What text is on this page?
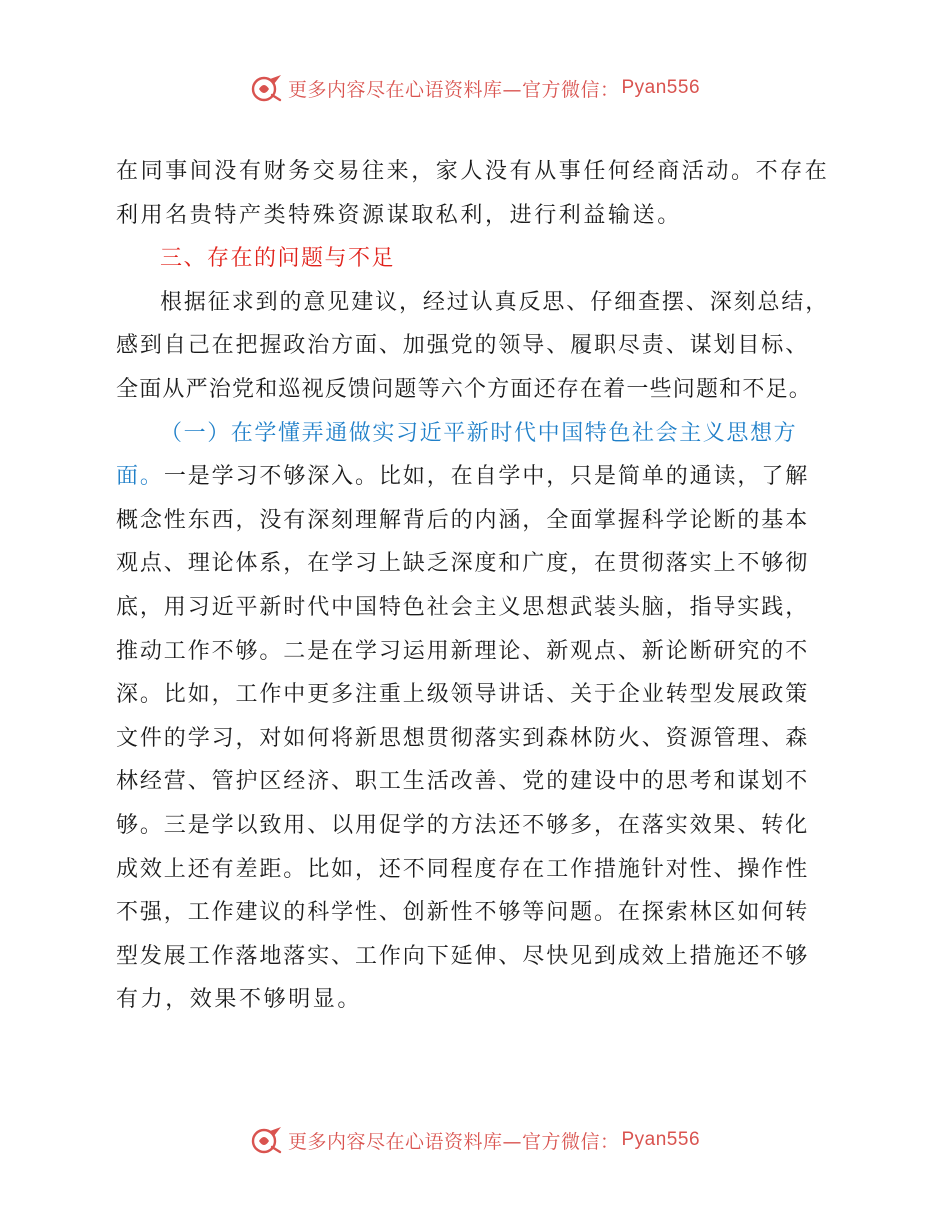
更多内容尽在心语资料库—官方微信： Pyan556
在同事间没有财务交易往来，家人没有从事任何经商活动。不存在
利用名贵特产类特殊资源谋取私利，进行利益输送。
三、存在的问题与不足
根据征求到的意见建议，经过认真反思、仔细查摆、深刻总结，
感到自己在把握政治方面、加强党的领导、履职尽责、谋划目标、
全面从严治党和巡视反馈问题等六个方面还存在着一些问题和不足。
（一）在学懂弄通做实习近平新时代中国特色社会主义思想方
面。一是学习不够深入。比如，在自学中，只是简单的通读，了解
概念性东西，没有深刻理解背后的内涵，全面掌握科学论断的基本
观点、理论体系，在学习上缺乏深度和广度，在贯彻落实上不够彻
底，用习近平新时代中国特色社会主义思想武装头脑，指导实践，
推动工作不够。二是在学习运用新理论、新观点、新论断研究的不
深。比如，工作中更多注重上级领导讲话、关于企业转型发展政策
文件的学习，对如何将新思想贯彻落实到森林防火、资源管理、森
林经营、管护区经济、职工生活改善、党的建设中的思考和谋划不
够。三是学以致用、以用促学的方法还不够多，在落实效果、转化
成效上还有差距。比如，还不同程度存在工作措施针对性、操作性
不强，工作建议的科学性、创新性不够等问题。在探索林区如何转
型发展工作落地落实、工作向下延伸、尽快见到成效上措施还不够
有力，效果不够明显。
更多内容尽在心语资料库—官方微信： Pyan556
